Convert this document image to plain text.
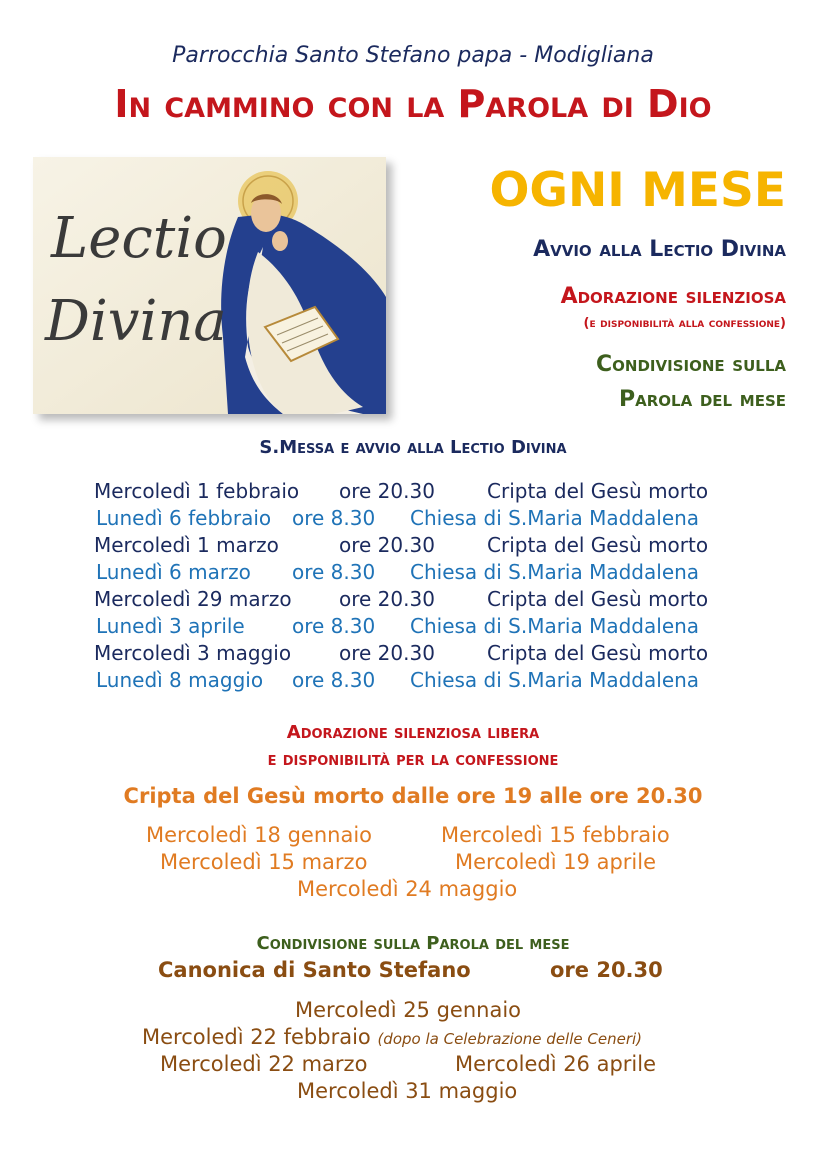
Parrocchia Santo Stefano papa - Modigliana
In cammino con la Parola di Dio
Lectio
Divina
OGNI MESE
Avvio alla Lectio Divina
Adorazione silenziosa
(e disponibilità alla confessione)
Condivisione sulla
Parola del mese
S.Messa e avvio alla Lectio Divina
Mercoledì 1 febbraio ore 20.30	Cripta del Gesù morto
Lunedì 6 febbraio ore 8.30 Chiesa di S.Maria Maddalena
Mercoledì 1 marzo	ore 20.30	Cripta del Gesù morto
Lunedì 6 marzo ore 8.30 Chiesa di S.Maria Maddalena
Mercoledì 29 marzo ore 20.30	Cripta del Gesù morto
Lunedì 3 aprile ore 8.30 Chiesa di S.Maria Maddalena
Mercoledì 3 maggio ore 20.30	Cripta del Gesù morto
Lunedì 8 maggio ore 8.30 Chiesa di S.Maria Maddalena
Adorazione silenziosa libera
e disponibilità per la confessione
Cripta del Gesù morto dalle ore 19 alle ore 20.30
Mercoledì 18 gennaio	Mercoledì 15 febbraio
Mercoledì 15 marzo	Mercoledì 19 aprile
Mercoledì 24 maggio
Condivisione sulla Parola del mese
Canonica di Santo Stefano	ore 20.30
Mercoledì 25 gennaio
Mercoledì 22 febbraio (dopo la Celebrazione delle Ceneri)
Mercoledì 22 marzo	Mercoledì 26 aprile
Mercoledì 31 maggio
